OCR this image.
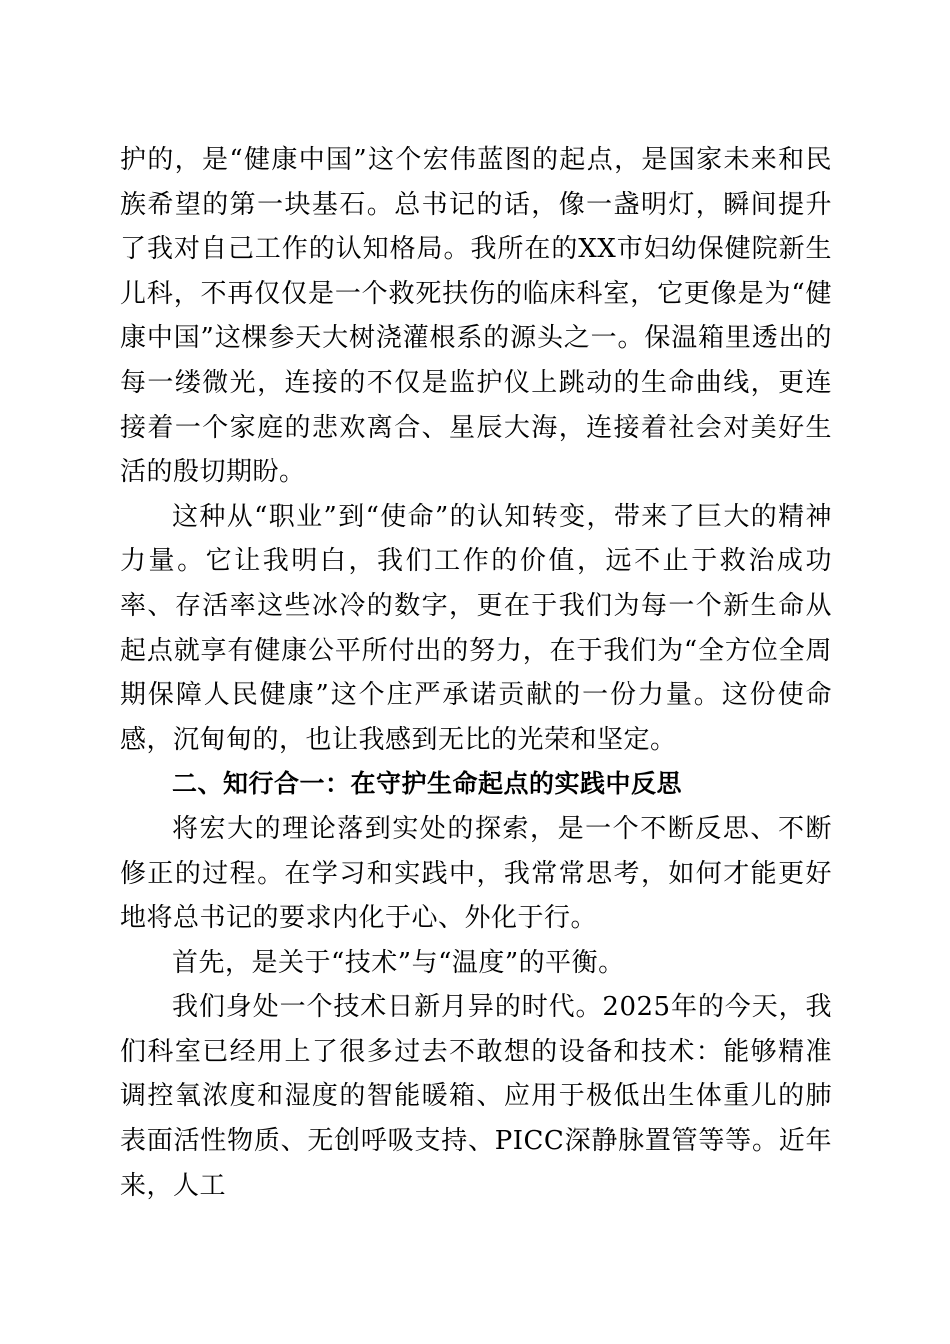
护的，是“健康中国”这个宏伟蓝图的起点，是国家未来和民族希望的第一块基石。总书记的话，像一盏明灯，瞬间提升了我对自己工作的认知格局。我所在的XX市妇幼保健院新生儿科，不再仅仅是一个救死扶伤的临床科室，它更像是为“健康中国”这棵参天大树浇灌根系的源头之一。保温箱里透出的每一缕微光，连接的不仅是监护仪上跳动的生命曲线，更连接着一个家庭的悲欢离合、星辰大海，连接着社会对美好生活的殷切期盼。

这种从“职业”到“使命”的认知转变，带来了巨大的精神力量。它让我明白，我们工作的价值，远不止于救治成功率、存活率这些冰冷的数字，更在于我们为每一个新生命从起点就享有健康公平所付出的努力，在于我们为“全方位全周期保障人民健康”这个庄严承诺贡献的一份力量。这份使命感，沉甸甸的，也让我感到无比的光荣和坚定。

二、知行合一：在守护生命起点的实践中反思

将宏大的理论落到实处的探索，是一个不断反思、不断修正的过程。在学习和实践中，我常常思考，如何才能更好地将总书记的要求内化于心、外化于行。

首先，是关于“技术”与“温度”的平衡。

我们身处一个技术日新月异的时代。2025年的今天，我们科室已经用上了很多过去不敢想的设备和技术：能够精准调控氧浓度和湿度的智能暖箱、应用于极低出生体重儿的肺表面活性物质、无创呼吸支持、PICC深静脉置管等等。近年来，人工
